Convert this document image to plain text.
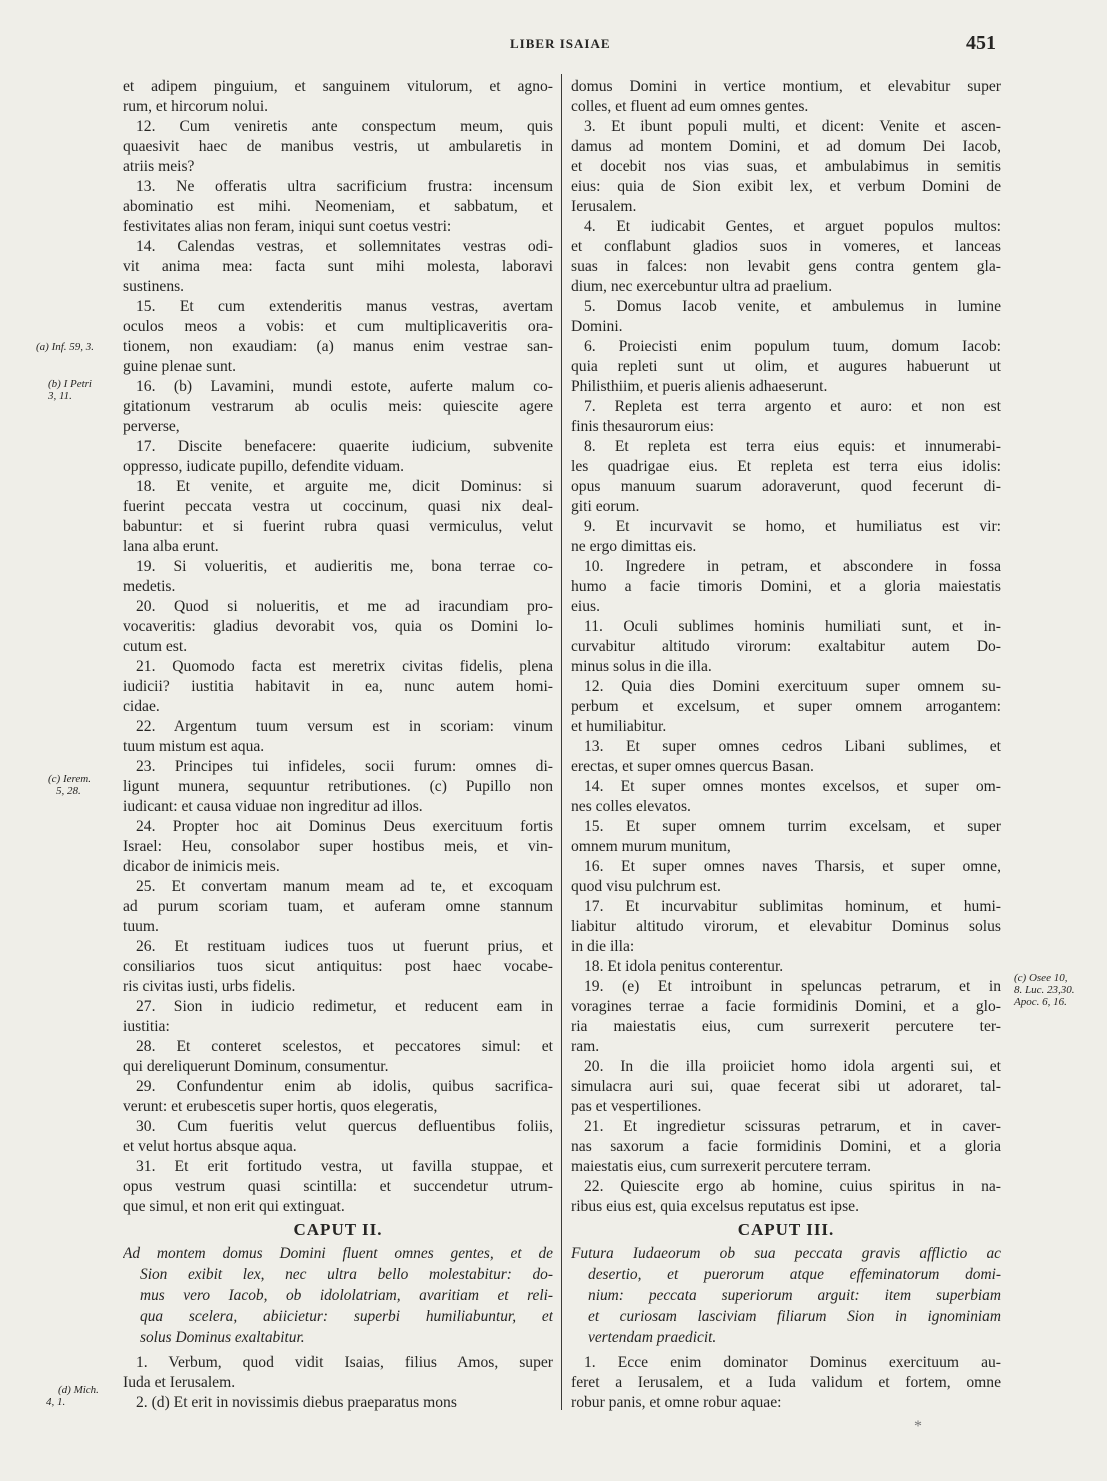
LIBER ISAIAE	451
et adipem pinguium, et sanguinem vitulorum, et agno-
rum, et hircorum nolui.
12. Cum veniretis ante conspectum meum, quis
quaesivit haec de manibus vestris, ut ambularetis in
atriis meis?
13. Ne offeratis ultra sacrificium frustra: incensum
abominatio est mihi. Neomeniam, et sabbatum, et
festivitates alias non feram, iniqui sunt coetus vestri:
14. Calendas vestras, et sollemnitates vestras odi-
vit anima mea: facta sunt mihi molesta, laboravi
sustinens.
15. Et cum extenderitis manus vestras, avertam
oculos meos a vobis: et cum multiplicaveritis ora-
tionem, non exaudiam: (a) manus enim vestrae san-
guine plenae sunt.
16. (b) Lavamini, mundi estote, auferte malum co-
gitationum vestrarum ab oculis meis: quiescite agere
perverse,
17. Discite benefacere: quaerite iudicium, subvenite
oppresso, iudicate pupillo, defendite viduam.
18. Et venite, et arguite me, dicit Dominus: si
fuerint peccata vestra ut coccinum, quasi nix deal-
babuntur: et si fuerint rubra quasi vermiculus, velut
lana alba erunt.
19. Si volueritis, et audieritis me, bona terrae co-
medetis.
20. Quod si nolueritis, et me ad iracundiam pro-
vocaveritis: gladius devorabit vos, quia os Domini lo-
cutum est.
21. Quomodo facta est meretrix civitas fidelis, plena
iudicii? iustitia habitavit in ea, nunc autem homi-
cidae.
22. Argentum tuum versum est in scoriam: vinum
tuum mistum est aqua.
23. Principes tui infideles, socii furum: omnes di-
ligunt munera, sequuntur retributiones. (c) Pupillo non
iudicant: et causa viduae non ingreditur ad illos.
24. Propter hoc ait Dominus Deus exercituum fortis
Israel: Heu, consolabor super hostibus meis, et vin-
dicabor de inimicis meis.
25. Et convertam manum meam ad te, et excoquam
ad purum scoriam tuam, et auferam omne stannum
tuum.
26. Et restituam iudices tuos ut fuerunt prius, et
consiliarios tuos sicut antiquitus: post haec vocabe-
ris civitas iusti, urbs fidelis.
27. Sion in iudicio redimetur, et reducent eam in
iustitia:
28. Et conteret scelestos, et peccatores simul: et
qui dereliquerunt Dominum, consumentur.
29. Confundentur enim ab idolis, quibus sacrifica-
verunt: et erubescetis super hortis, quos elegeratis,
30. Cum fueritis velut quercus defluentibus foliis,
et velut hortus absque aqua.
31. Et erit fortitudo vestra, ut favilla stuppae, et
opus vestrum quasi scintilla: et succendetur utrum-
que simul, et non erit qui extinguat.
CAPUT II.
Ad montem domus Domini fluent omnes gentes, et de
Sion exibit lex, nec ultra bello molestabitur: do-
mus vero Iacob, ob idololatriam, avaritiam et reli-
qua scelera, abiicietur: superbi humiliabuntur, et
solus Dominus exaltabitur.
1. Verbum, quod vidit Isaias, filius Amos, super
Iuda et Ierusalem.
2. (d) Et erit in novissimis diebus praeparatus mons
domus Domini in vertice montium, et elevabitur super
colles, et fluent ad eum omnes gentes.
3. Et ibunt populi multi, et dicent: Venite et ascen-
damus ad montem Domini, et ad domum Dei Iacob,
et docebit nos vias suas, et ambulabimus in semitis
eius: quia de Sion exibit lex, et verbum Domini de
Ierusalem.
4. Et iudicabit Gentes, et arguet populos multos:
et conflabunt gladios suos in vomeres, et lanceas
suas in falces: non levabit gens contra gentem gla-
dium, nec exercebuntur ultra ad praelium.
5. Domus Iacob venite, et ambulemus in lumine
Domini.
6. Proiecisti enim populum tuum, domum Iacob:
quia repleti sunt ut olim, et augures habuerunt ut
Philisthiim, et pueris alienis adhaeserunt.
7. Repleta est terra argento et auro: et non est
finis thesaurorum eius:
8. Et repleta est terra eius equis: et innumerabi-
les quadrigae eius. Et repleta est terra eius idolis:
opus manuum suarum adoraverunt, quod fecerunt di-
giti eorum.
9. Et incurvavit se homo, et humiliatus est vir:
ne ergo dimittas eis.
10. Ingredere in petram, et abscondere in fossa
humo a facie timoris Domini, et a gloria maiestatis
eius.
11. Oculi sublimes hominis humiliati sunt, et in-
curvabitur altitudo virorum: exaltabitur autem Do-
minus solus in die illa.
12. Quia dies Domini exercituum super omnem su-
perbum et excelsum, et super omnem arrogantem:
et humiliabitur.
13. Et super omnes cedros Libani sublimes, et
erectas, et super omnes quercus Basan.
14. Et super omnes montes excelsos, et super om-
nes colles elevatos.
15. Et super omnem turrim excelsam, et super
omnem murum munitum,
16. Et super omnes naves Tharsis, et super omne,
quod visu pulchrum est.
17. Et incurvabitur sublimitas hominum, et humi-
liabitur altitudo virorum, et elevabitur Dominus solus
in die illa:
18. Et idola penitus conterentur.
19. (e) Et introibunt in speluncas petrarum, et in
voragines terrae a facie formidinis Domini, et a glo-
ria maiestatis eius, cum surrexerit percutere ter-
ram.
20. In die illa proiiciet homo idola argenti sui, et
simulacra auri sui, quae fecerat sibi ut adoraret, tal-
pas et vespertiliones.
21. Et ingredietur scissuras petrarum, et in caver-
nas saxorum a facie formidinis Domini, et a gloria
maiestatis eius, cum surrexerit percutere terram.
22. Quiescite ergo ab homine, cuius spiritus in na-
ribus eius est, quia excelsus reputatus est ipse.
CAPUT III.
Futura Iudaeorum ob sua peccata gravis afflictio ac
desertio, et puerorum atque effeminatorum domi-
nium: peccata superiorum arguit: item superbiam
et curiosam lasciviam filiarum Sion in ignominiam
vertendam praedicit.
1. Ecce enim dominator Dominus exercituum au-
feret a Ierusalem, et a Iuda validum et fortem, omne
robur panis, et omne robur aquae:
(a) Inf. 59, 3.
(b) I Petri
3, 11.
(c) Ierem.
5, 28.
(d) Mich.
4, 1.
(c) Osee 10,
8. Luc. 23,30.
Apoc. 6, 16.
*
